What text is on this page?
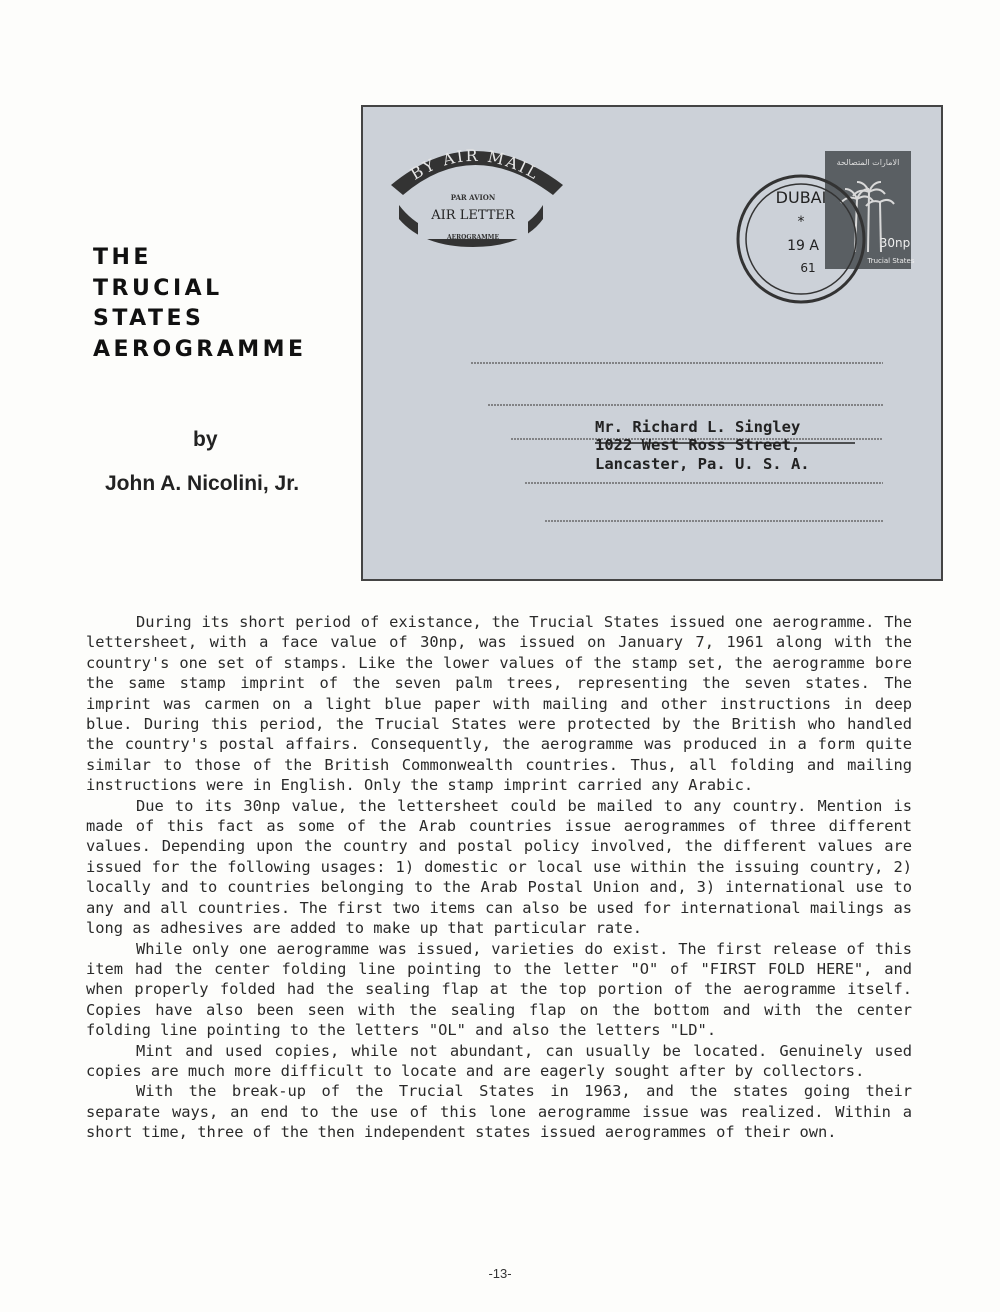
THE
TRUCIAL
STATES
AEROGRAMME
by
John A. Nicolini, Jr.
BY AIR MAIL
PAR AVION
AIR LETTER
AEROGRAMME
الامارات المتصالحة
30np
Trucial States
DUBAI
*
19 A
61
Mr. Richard L. Singley
1022 West Ross Street,
Lancaster, Pa. U. S. A.

During its short period of existance, the Trucial States issued one aerogramme. The lettersheet, with a face value of 30np, was issued on January 7, 1961 along with the country's one set of stamps. Like the lower values of the stamp set, the aerogramme bore the same stamp imprint of the seven palm trees, representing the seven states. The imprint was carmen on a light blue paper with mailing and other instructions in deep blue. During this period, the Trucial States were protected by the British who handled the country's postal affairs. Consequently, the aerogramme was produced in a form quite similar to those of the British Commonwealth countries. Thus, all folding and mailing instructions were in English. Only the stamp imprint carried any Arabic.

Due to its 30np value, the lettersheet could be mailed to any country. Mention is made of this fact as some of the Arab countries issue aerogrammes of three different values. Depending upon the country and postal policy involved, the different values are issued for the following usages: 1) domestic or local use within the issuing country, 2) locally and to countries belonging to the Arab Postal Union and, 3) international use to any and all countries. The first two items can also be used for international mailings as long as adhesives are added to make up that particular rate.

While only one aerogramme was issued, varieties do exist. The first release of this item had the center folding line pointing to the letter "O" of "FIRST FOLD HERE", and when properly folded had the sealing flap at the top portion of the aerogramme itself. Copies have also been seen with the sealing flap on the bottom and with the center folding line pointing to the letters "OL" and also the letters "LD".

Mint and used copies, while not abundant, can usually be located. Genuinely used copies are much more difficult to locate and are eagerly sought after by collectors.

With the break-up of the Trucial States in 1963, and the states going their separate ways, an end to the use of this lone aerogramme issue was realized. Within a short time, three of the then independent states issued aerogrammes of their own.

-13-
